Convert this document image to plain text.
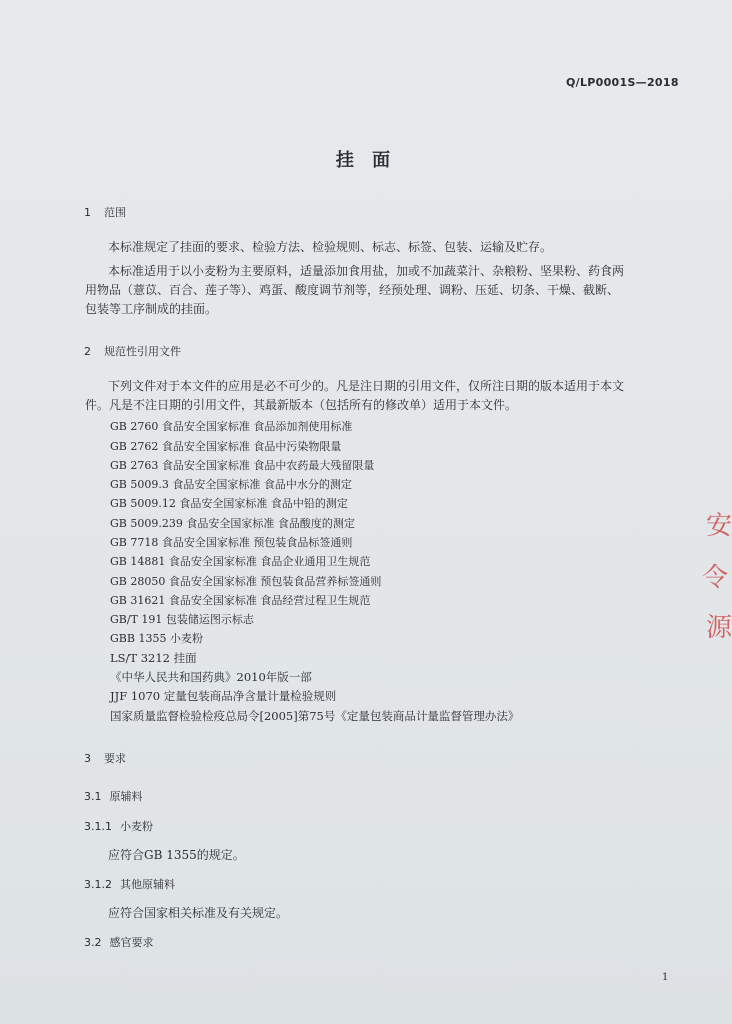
Q/LP0001S—2018
挂 面
1 范围
本标准规定了挂面的要求、检验方法、检验规则、标志、标签、包装、运输及贮存。
本标准适用于以小麦粉为主要原料，适量添加食用盐，加或不加蔬菜汁、杂粮粉、坚果粉、药食两
用物品（薏苡、百合、莲子等）、鸡蛋、酸度调节剂等，经预处理、调粉、压延、切条、干燥、截断、
包装等工序制成的挂面。
2 规范性引用文件
下列文件对于本文件的应用是必不可少的。凡是注日期的引用文件，仅所注日期的版本适用于本文
件。凡是不注日期的引用文件，其最新版本（包括所有的修改单）适用于本文件。
GB 2760 食品安全国家标准 食品添加剂使用标准
GB 2762 食品安全国家标准 食品中污染物限量
GB 2763 食品安全国家标准 食品中农药最大残留限量
GB 5009.3 食品安全国家标准 食品中水分的测定
GB 5009.12 食品安全国家标准 食品中铅的测定
GB 5009.239 食品安全国家标准 食品酸度的测定
GB 7718 食品安全国家标准 预包装食品标签通则
GB 14881 食品安全国家标准 食品企业通用卫生规范
GB 28050 食品安全国家标准 预包装食品营养标签通则
GB 31621 食品安全国家标准 食品经营过程卫生规范
GB/T 191 包装储运图示标志
GBB 1355 小麦粉
LS/T 3212 挂面
《中华人民共和国药典》2010年版一部
JJF 1070 定量包装商品净含量计量检验规则
国家质量监督检验检疫总局令[2005]第75号《定量包装商品计量监督管理办法》
3 要求
3.1 原辅料
3.1.1 小麦粉
应符合GB 1355的规定。
3.1.2 其他原辅料
应符合国家相关标准及有关规定。
3.2 感官要求
安
令
源
1
